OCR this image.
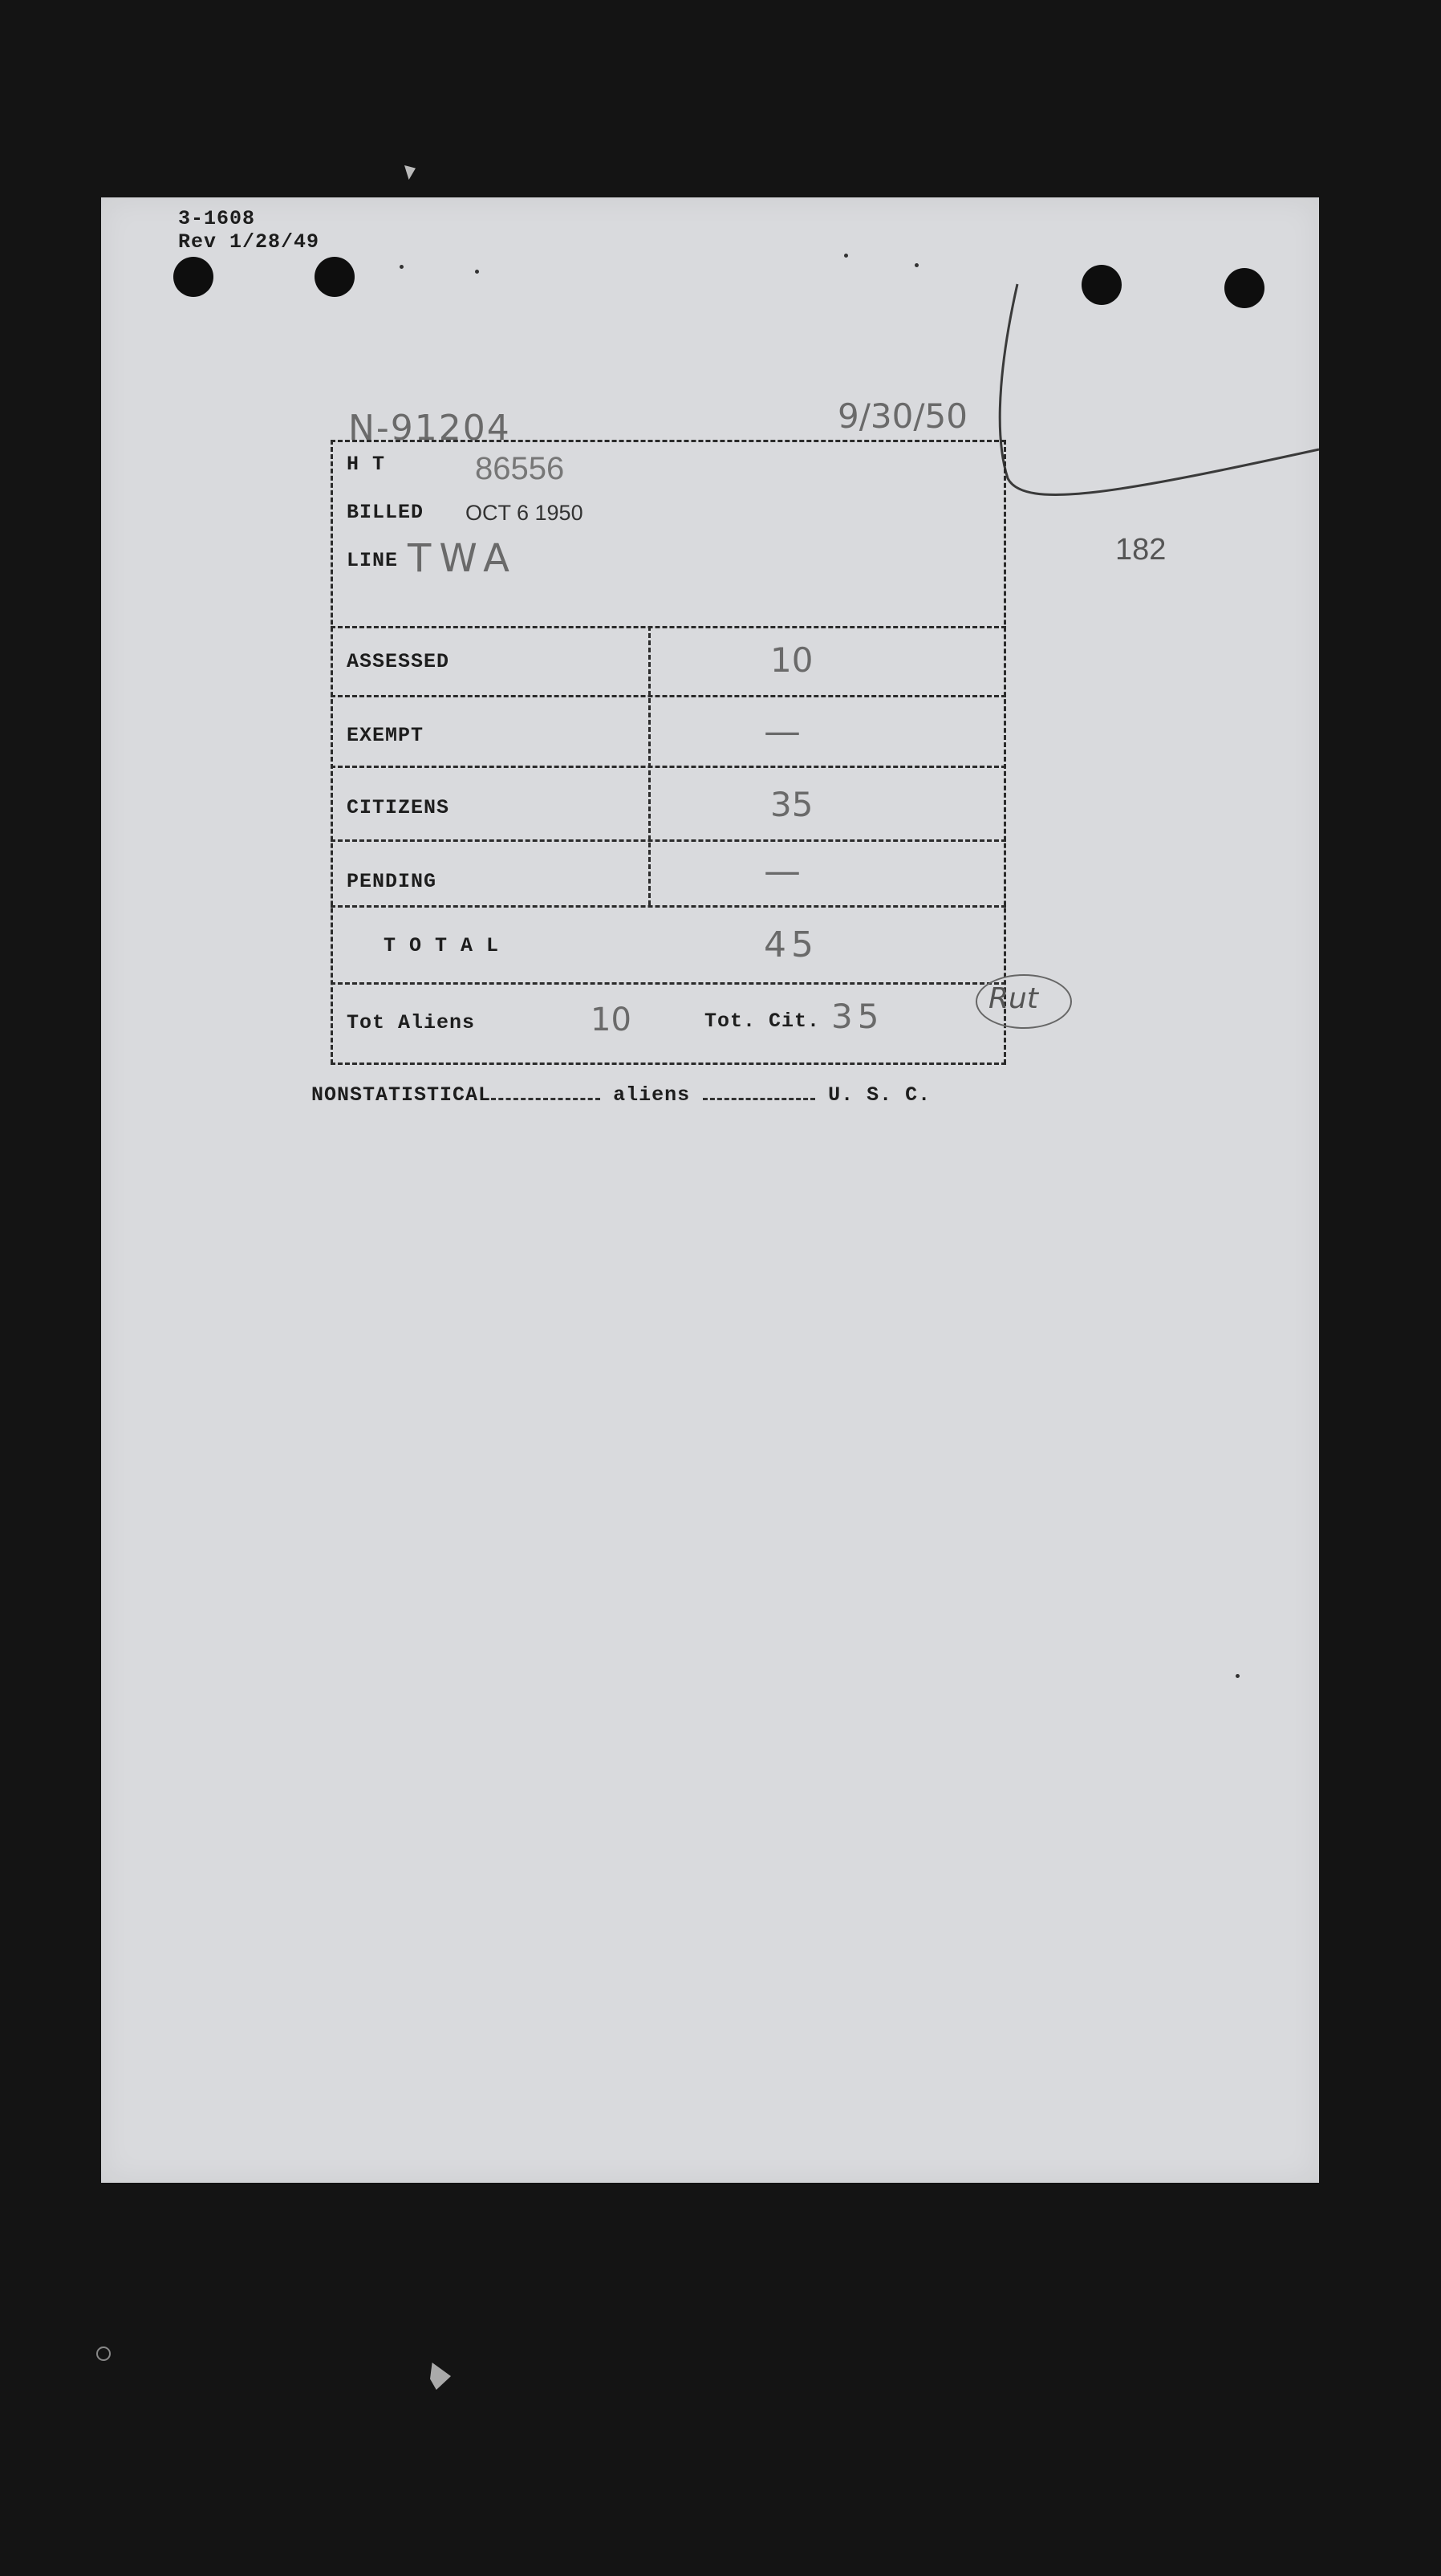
3-1608
Rev 1/28/49
N-91204	9/30/50
182
H T	86556
BILLED OCT 6 1950
LINE TWA
ASSESSED	10
EXEMPT	—
CITIZENS	35
PENDING	—
T O T A L	45
Tot Aliens	10	Tot. Cit. 35	Rut
NONSTATISTICAL	aliens	U. S. C.
